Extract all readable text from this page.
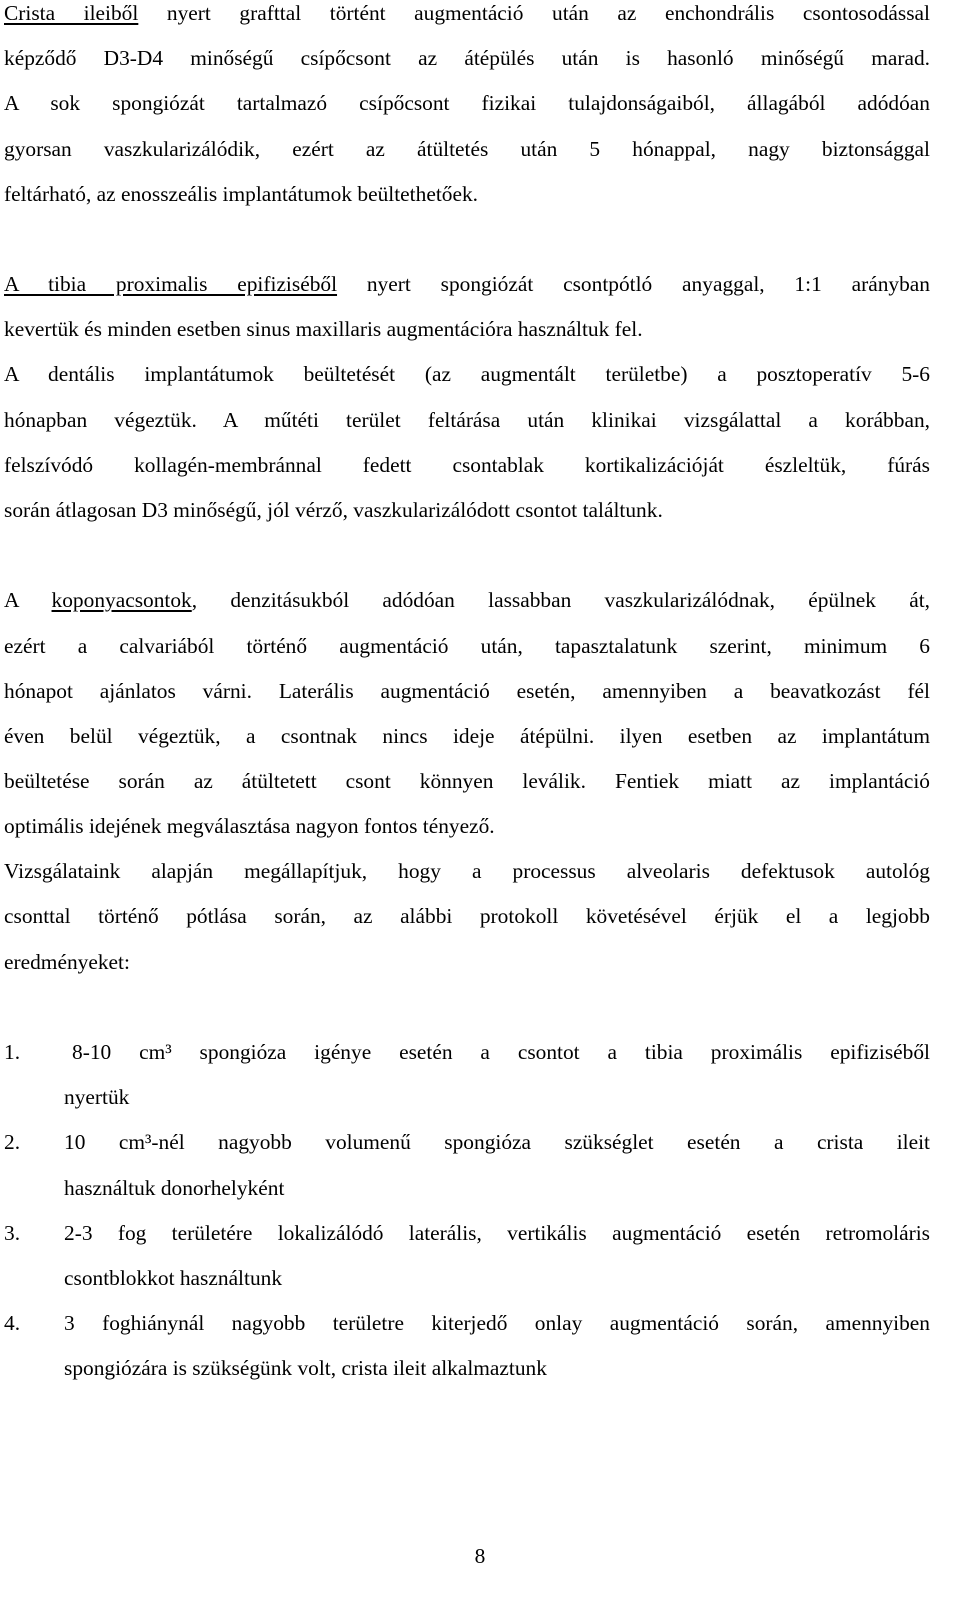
Crista ileiből nyert grafttal történt augmentáció után az enchondrális csontosodással
képződő D3-D4 minőségű csípőcsont az átépülés után is hasonló minőségű marad.
A sok spongiózát tartalmazó csípőcsont fizikai tulajdonságaiból, állagából adódóan
gyorsan vaszkularizálódik, ezért az átültetés után 5 hónappal, nagy biztonsággal
feltárható, az enosszeális implantátumok beültethetőek.
A tibia proximalis epifiziséből nyert spongiózát csontpótló anyaggal, 1:1 arányban
kevertük és minden esetben sinus maxillaris augmentációra használtuk fel.
A dentális implantátumok beültetését (az augmentált területbe) a posztoperatív 5-6
hónapban végeztük. A műtéti terület feltárása után klinikai vizsgálattal a korábban,
felszívódó kollagén-membránnal fedett csontablak kortikalizációját észleltük, fúrás
során átlagosan D3 minőségű, jól vérző, vaszkularizálódott csontot találtunk.
A koponyacsontok, denzitásukból adódóan lassabban vaszkularizálódnak, épülnek át,
ezért a calvariából történő augmentáció után, tapasztalatunk szerint, minimum 6
hónapot ajánlatos várni. Laterális augmentáció esetén, amennyiben a beavatkozást fél
éven belül végeztük, a csontnak nincs ideje átépülni. ilyen esetben az implantátum
beültetése során az átültetett csont könnyen leválik. Fentiek miatt az implantáció
optimális idejének megválasztása nagyon fontos tényező.
Vizsgálataink alapján megállapítjuk, hogy a processus alveolaris defektusok autológ
csonttal történő pótlása során, az alábbi protokoll követésével érjük el a legjobb
eredményeket:
1. 8-10 cm³ spongióza igénye esetén a csontot a tibia proximális epifiziséből
nyertük
2. 10 cm³-nél nagyobb volumenű spongióza szükséglet esetén a crista ileit
használtuk donorhelyként
3. 2-3 fog területére lokalizálódó laterális, vertikális augmentáció esetén retromoláris
csontblokkot használtunk
4. 3 foghiánynál nagyobb területre kiterjedő onlay augmentáció során, amennyiben
spongiózára is szükségünk volt, crista ileit alkalmaztunk
8
